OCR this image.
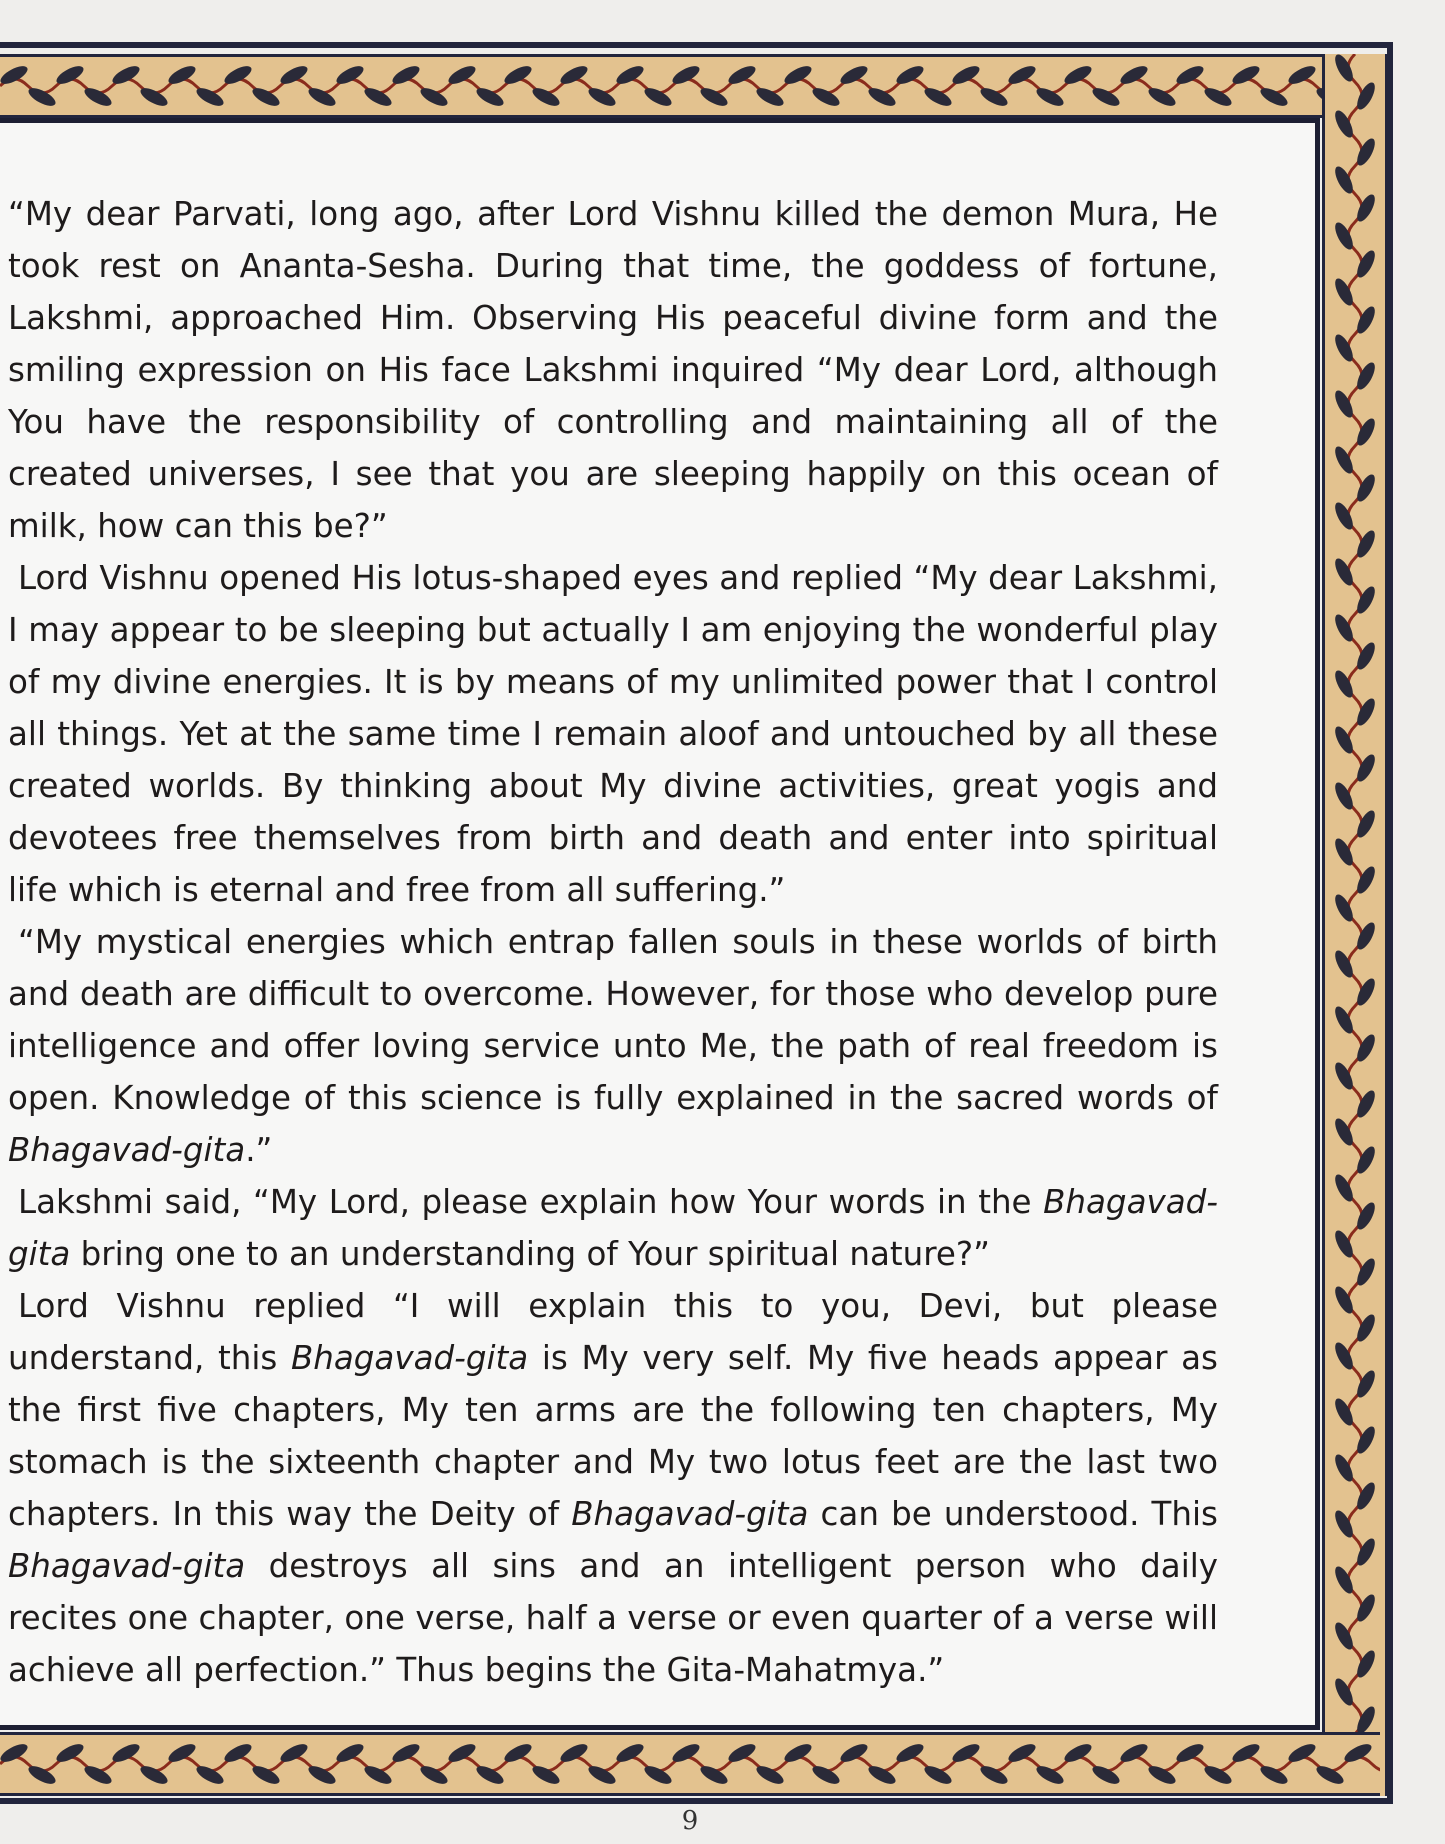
“My dear Parvati, long ago, after Lord Vishnu killed the demon Mura, He took rest on Ananta-Sesha. During that time, the goddess of fortune, Lakshmi, approached Him. Observing His peaceful divine form and the smiling expression on His face Lakshmi inquired “My dear Lord, although You have the responsibility of controlling and maintaining all of the created universes, I see that you are sleeping happily on this ocean of milk, how can this be?”

Lord Vishnu opened His lotus-shaped eyes and replied “My dear Lakshmi, I may appear to be sleeping but actually I am enjoying the wonderful play of my divine energies. It is by means of my unlimited power that I control all things. Yet at the same time I remain aloof and untouched by all these created worlds. By thinking about My divine activities, great yogis and devotees free themselves from birth and death and enter into spiritual life which is eternal and free from all suffering.”

“My mystical energies which entrap fallen souls in these worlds of birth and death are difficult to overcome. However, for those who develop pure intelligence and offer loving service unto Me, the path of real freedom is open. Knowledge of this science is fully explained in the sacred words of Bhagavad-gita.”

Lakshmi said, “My Lord, please explain how Your words in the Bhagavad-gita bring one to an understanding of Your spiritual nature?”

Lord Vishnu replied “I will explain this to you, Devi, but please understand, this Bhagavad-gita is My very self. My five heads appear as the first five chapters, My ten arms are the following ten chapters, My stomach is the sixteenth chapter and My two lotus feet are the last two chapters. In this way the Deity of Bhagavad-gita can be understood. This Bhagavad-gita destroys all sins and an intelligent person who daily recites one chapter, one verse, half a verse or even quarter of a verse will achieve all perfection.” Thus begins the Gita-Mahatmya.”

9
